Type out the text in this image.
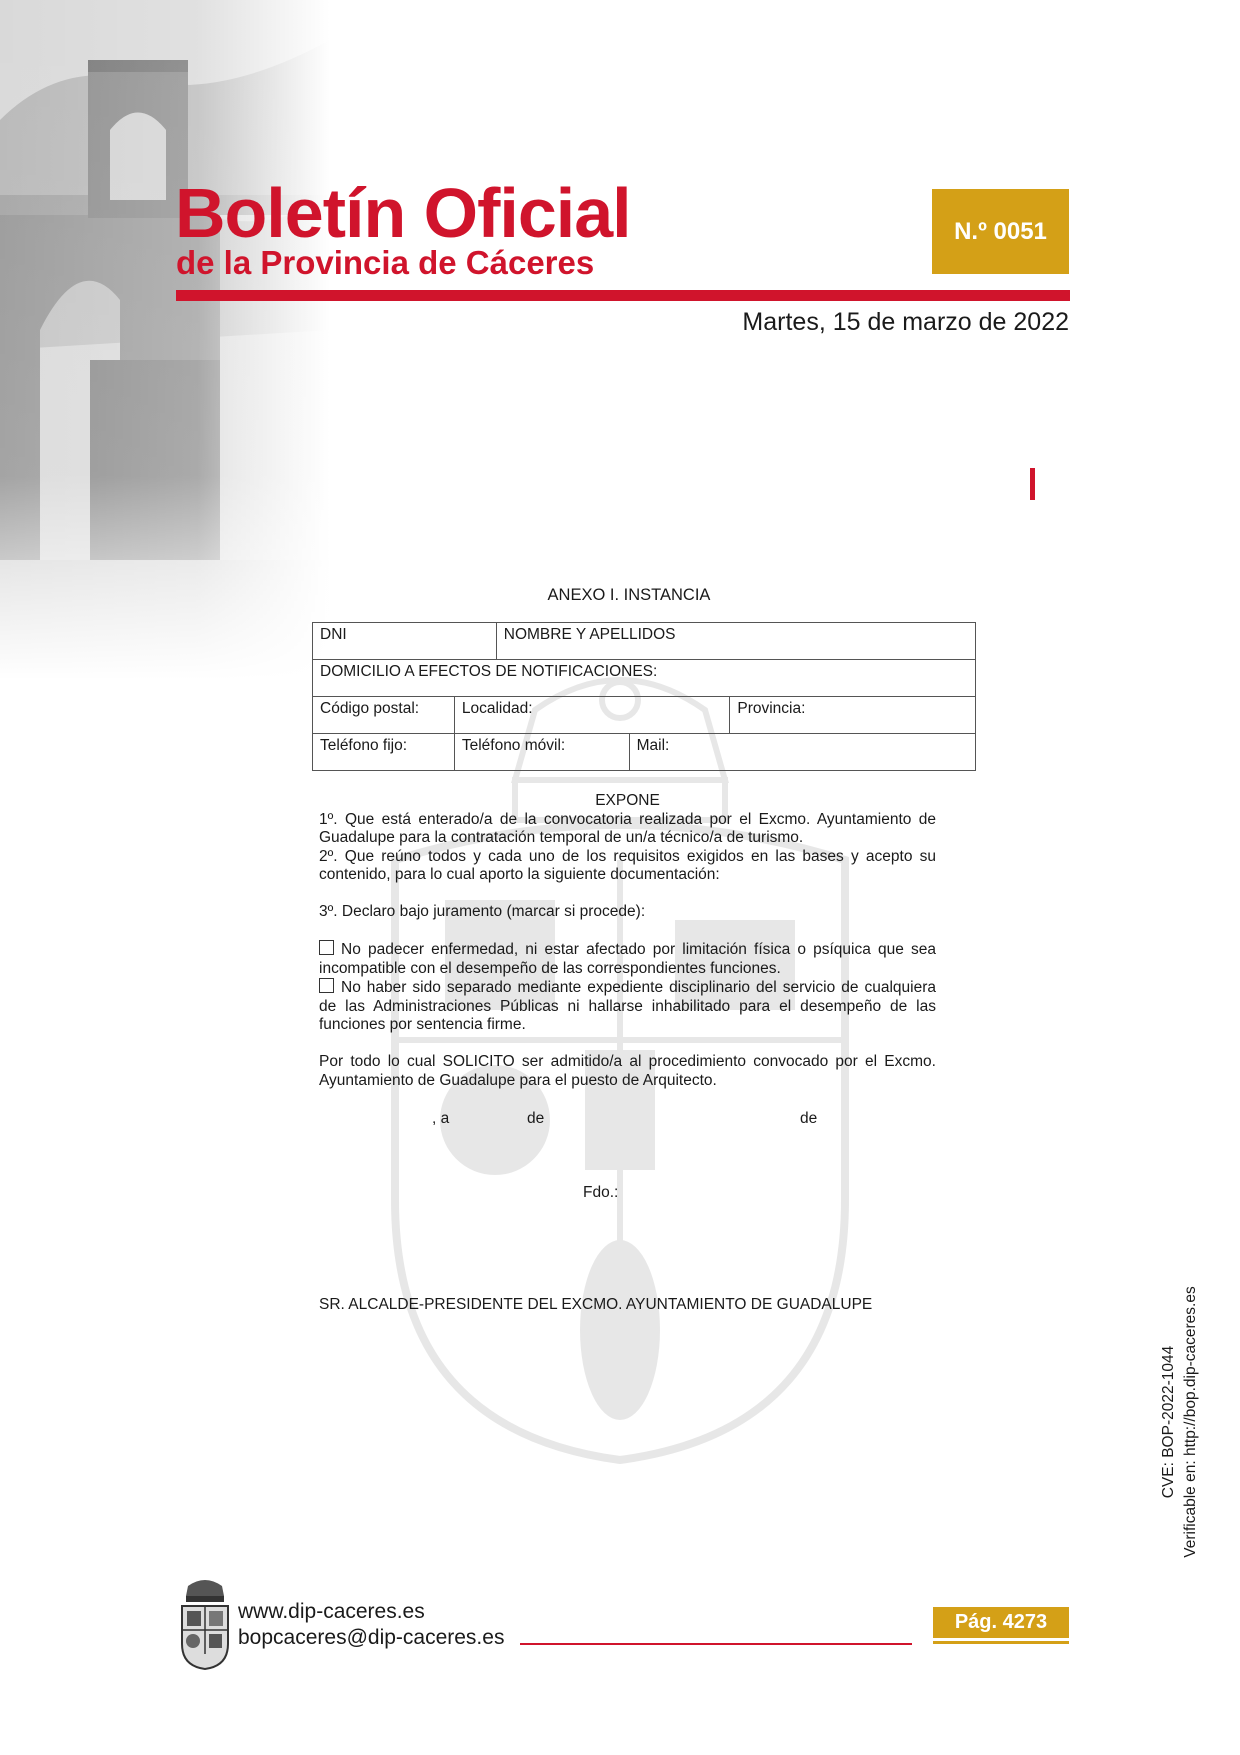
Boletín Oficial
de la Provincia de Cáceres
N.º 0051
Martes, 15 de marzo de 2022
ANEXO I. INSTANCIA
DNI		NOMBRE Y APELLIDOS		
DOMICILIO A EFECTOS DE NOTIFICACIONES:				
Código postal:	Localidad:			Provincia:
Teléfono fijo:	Teléfono móvil:		Mail:	

EXPONE

1º. Que está enterado/a de la convocatoria realizada por el Excmo. Ayuntamiento de Guadalupe para la contratación temporal de un/a técnico/a de turismo.

2º. Que reúno todos y cada uno de los requisitos exigidos en las bases y acepto su contenido, para lo cual aporto la siguiente documentación:

3º. Declaro bajo juramento (marcar si procede):

No padecer enfermedad, ni estar afectado por limitación física o psíquica que sea incompatible con el desempeño de las correspondientes funciones.

No haber sido separado mediante expediente disciplinario del servicio de cualquiera de las Administraciones Públicas ni hallarse inhabilitado para el desempeño de las funciones por sentencia firme.

Por todo lo cual SOLICITO ser admitido/a al procedimiento convocado por el Excmo. Ayuntamiento de Guadalupe para el puesto de Arquitecto.

, a	de	de
Fdo.:
SR. ALCALDE-PRESIDENTE DEL EXCMO. AYUNTAMIENTO DE GUADALUPE
CVE: BOP-2022-1044 Verificable en: http://bop.dip-caceres.es
www.dip-caceres.es
bopcaceres@dip-caceres.es
Pág. 4273
